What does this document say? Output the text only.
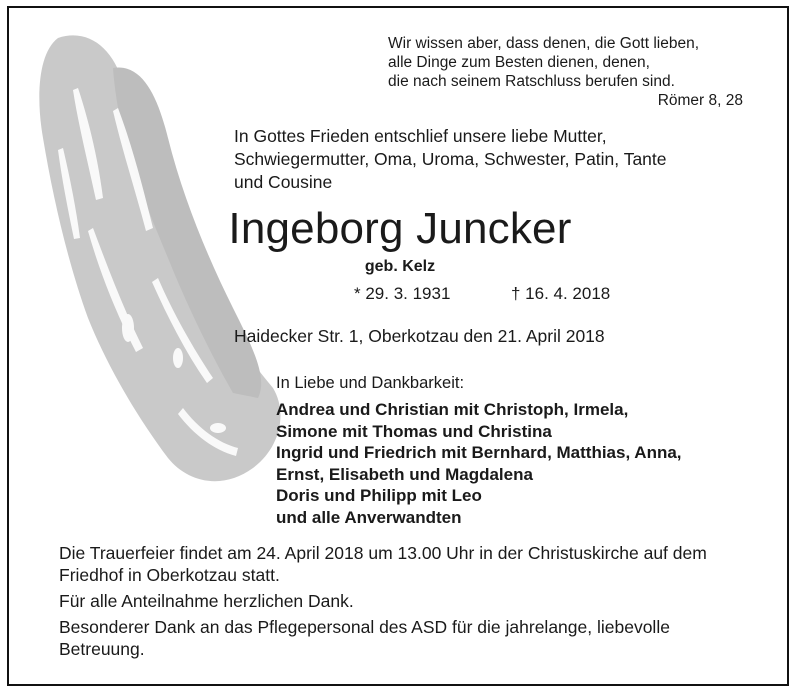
Wir wissen aber, dass denen, die Gott lieben,
alle Dinge zum Besten dienen, denen,
die nach seinem Ratschluss berufen sind.
Römer 8, 28
In Gottes Frieden entschlief unsere liebe Mutter,
Schwiegermutter, Oma, Uroma, Schwester, Patin, Tante
und Cousine
Ingeborg Juncker
geb. Kelz
* 29. 3. 1931	† 16. 4. 2018
Haidecker Str. 1, Oberkotzau den 21. April 2018
In Liebe und Dankbarkeit:
Andrea und Christian mit Christoph, Irmela,
Simone mit Thomas und Christina
Ingrid und Friedrich mit Bernhard, Matthias, Anna,
Ernst, Elisabeth und Magdalena
Doris und Philipp mit Leo
und alle Anverwandten

Die Trauerfeier findet am 24. April 2018 um 13.00 Uhr in der Christuskirche auf dem Friedhof in Oberkotzau statt.

Für alle Anteilnahme herzlichen Dank.

Besonderer Dank an das Pflegepersonal des ASD für die jahrelange, liebevolle Betreuung.
